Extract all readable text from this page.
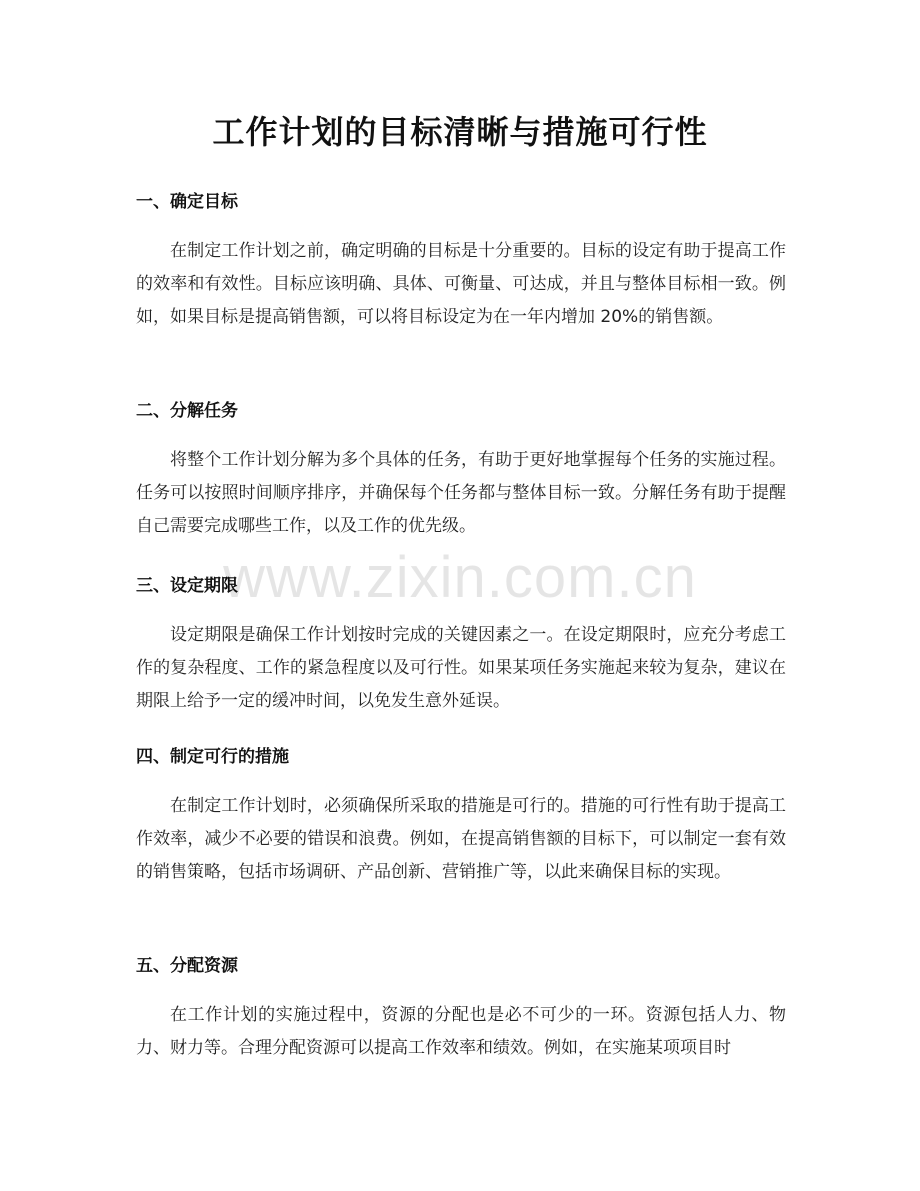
工作计划的目标清晰与措施可行性
一、确定目标
在制定工作计划之前，确定明确的目标是十分重要的。目标的设定有助于提高工作的效率和有效性。目标应该明确、具体、可衡量、可达成，并且与整体目标相一致。例如，如果目标是提高销售额，可以将目标设定为在一年内增加 20%的销售额。
二、分解任务
将整个工作计划分解为多个具体的任务，有助于更好地掌握每个任务的实施过程。任务可以按照时间顺序排序，并确保每个任务都与整体目标一致。分解任务有助于提醒自己需要完成哪些工作，以及工作的优先级。
三、设定期限
设定期限是确保工作计划按时完成的关键因素之一。在设定期限时，应充分考虑工作的复杂程度、工作的紧急程度以及可行性。如果某项任务实施起来较为复杂，建议在期限上给予一定的缓冲时间，以免发生意外延误。
四、制定可行的措施
在制定工作计划时，必须确保所采取的措施是可行的。措施的可行性有助于提高工作效率，减少不必要的错误和浪费。例如，在提高销售额的目标下，可以制定一套有效的销售策略，包括市场调研、产品创新、营销推广等，以此来确保目标的实现。
五、分配资源
在工作计划的实施过程中，资源的分配也是必不可少的一环。资源包括人力、物力、财力等。合理分配资源可以提高工作效率和绩效。例如，在实施某项项目时
www.zixin.com.cn
